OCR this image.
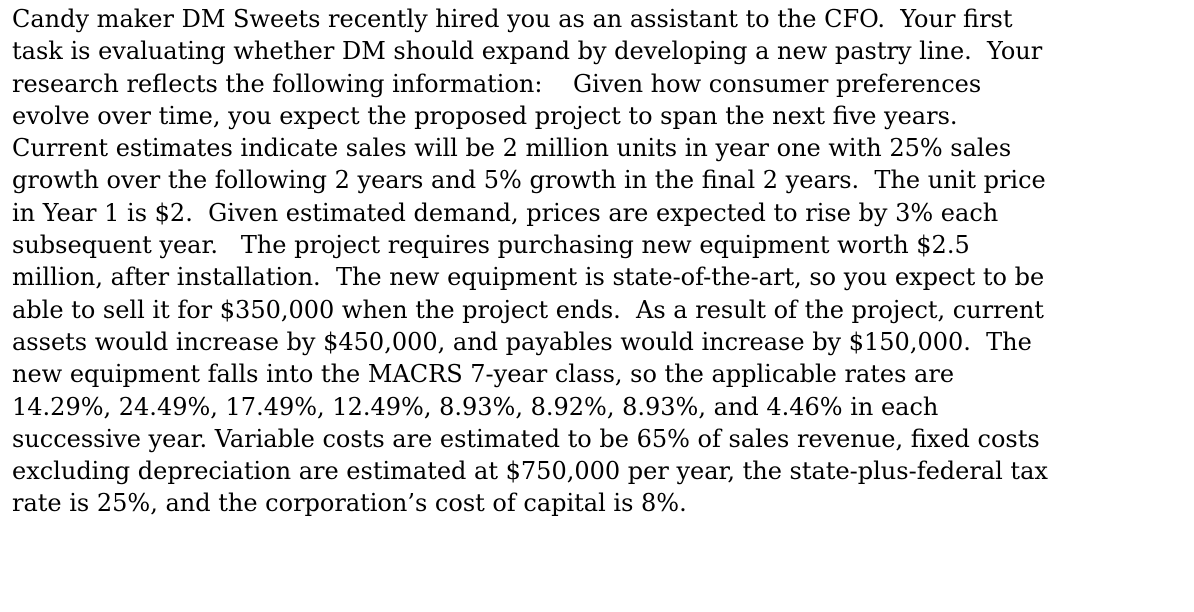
Candy maker DM Sweets recently hired you as an assistant to the CFO.  Your first
task is evaluating whether DM should expand by developing a new pastry line.  Your
research reflects the following information:    Given how consumer preferences
evolve over time, you expect the proposed project to span the next five years.
Current estimates indicate sales will be 2 million units in year one with 25% sales
growth over the following 2 years and 5% growth in the final 2 years.  The unit price
in Year 1 is $2.  Given estimated demand, prices are expected to rise by 3% each
subsequent year.   The project requires purchasing new equipment worth $2.5
million, after installation.  The new equipment is state-of-the-art, so you expect to be
able to sell it for $350,000 when the project ends.  As a result of the project, current
assets would increase by $450,000, and payables would increase by $150,000.  The
new equipment falls into the MACRS 7-year class, so the applicable rates are
14.29%, 24.49%, 17.49%, 12.49%, 8.93%, 8.92%, 8.93%, and 4.46% in each
successive year. Variable costs are estimated to be 65% of sales revenue, fixed costs
excluding depreciation are estimated at $750,000 per year, the state-plus-federal tax
rate is 25%, and the corporation’s cost of capital is 8%.
